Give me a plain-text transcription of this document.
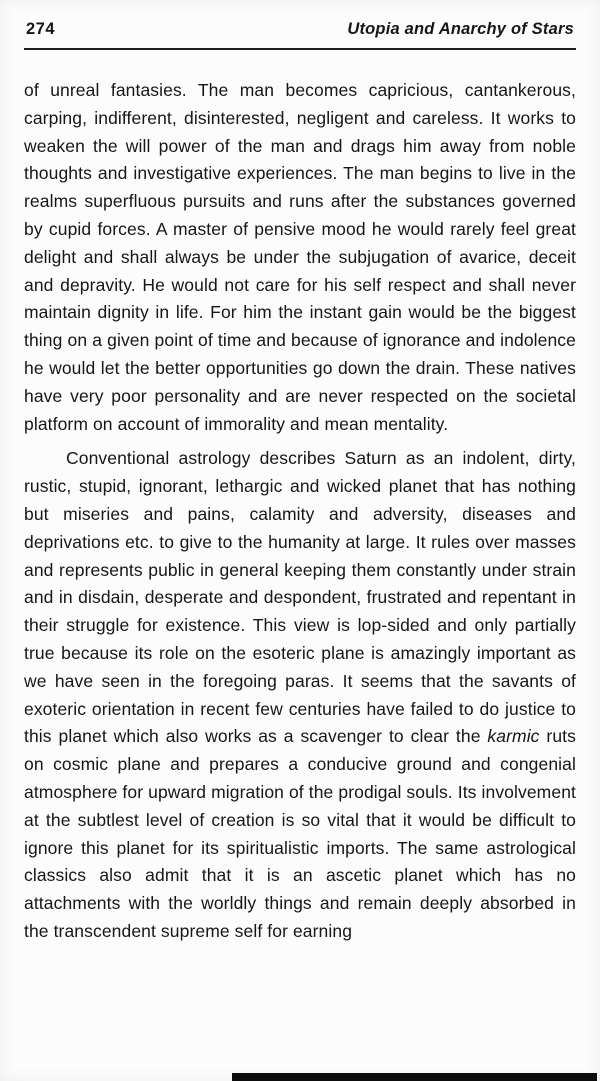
274	Utopia and Anarchy of Stars

of unreal fantasies. The man becomes capricious, cantankerous, carping, indifferent, disinterested, negligent and careless. It works to weaken the will power of the man and drags him away from noble thoughts and investigative experiences. The man begins to live in the realms superfluous pursuits and runs after the substances governed by cupid forces. A master of pensive mood he would rarely feel great delight and shall always be under the subjugation of avarice, deceit and depravity. He would not care for his self respect and shall never maintain dignity in life. For him the instant gain would be the biggest thing on a given point of time and because of ignorance and indolence he would let the better opportunities go down the drain. These natives have very poor personality and are never respected on the societal platform on account of immorality and mean mentality.

Conventional astrology describes Saturn as an indolent, dirty, rustic, stupid, ignorant, lethargic and wicked planet that has nothing but miseries and pains, calamity and adversity, diseases and deprivations etc. to give to the humanity at large. It rules over masses and represents public in general keeping them constantly under strain and in disdain, desperate and despondent, frustrated and repentant in their struggle for existence. This view is lop-sided and only partially true because its role on the esoteric plane is amazingly important as we have seen in the foregoing paras. It seems that the savants of exoteric orientation in recent few centuries have failed to do justice to this planet which also works as a scavenger to clear the karmic ruts on cosmic plane and prepares a conducive ground and congenial atmosphere for upward migration of the prodigal souls. Its involvement at the subtlest level of creation is so vital that it would be difficult to ignore this planet for its spiritualistic imports. The same astrological classics also admit that it is an ascetic planet which has no attachments with the worldly things and remain deeply absorbed in the transcendent supreme self for earning
